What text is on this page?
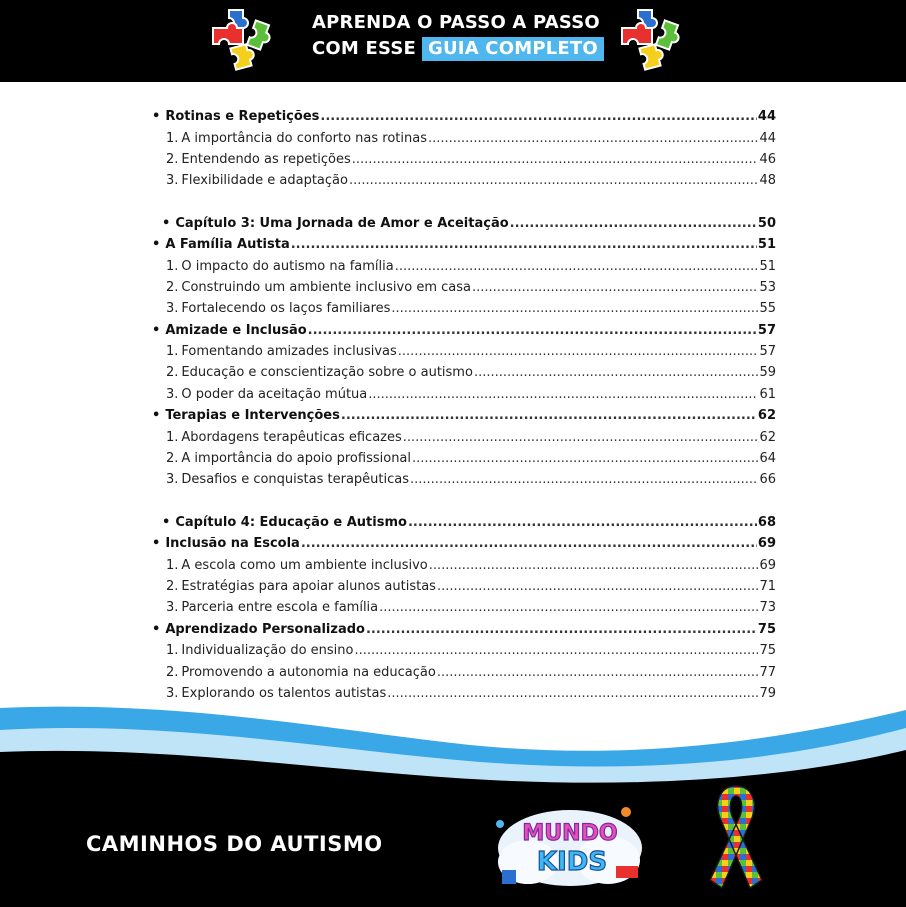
APRENDA O PASSO A PASSO
COM ESSE GUIA COMPLETO
• Rotinas e Repetições .....	44
1. A importância do conforto nas rotinas .....	44
2. Entendendo as repetições .....	46
3. Flexibilidade e adaptação .....	48
• Capítulo 3: Uma Jornada de Amor e Aceitação .....	50
• A Família Autista .....	51
1. O impacto do autismo na família .....	51
2. Construindo um ambiente inclusivo em casa .....	53
3. Fortalecendo os laços familiares .....	55
• Amizade e Inclusão .....	57
1. Fomentando amizades inclusivas .....	57
2. Educação e conscientização sobre o autismo .....	59
3. O poder da aceitação mútua .....	61
• Terapias e Intervenções .....	62
1. Abordagens terapêuticas eficazes .....	62
2. A importância do apoio profissional .....	64
3. Desafios e conquistas terapêuticas .....	66
• Capítulo 4: Educação e Autismo .....	68
• Inclusão na Escola .....	69
1. A escola como um ambiente inclusivo .....	69
2. Estratégias para apoiar alunos autistas .....	71
3. Parceria entre escola e família .....	73
• Aprendizado Personalizado .....	75
1. Individualização do ensino .....	75
2. Promovendo a autonomia na educação .....	77
3. Explorando os talentos autistas .....	79
CAMINHOS DO AUTISMO	MUNDO
KIDS
